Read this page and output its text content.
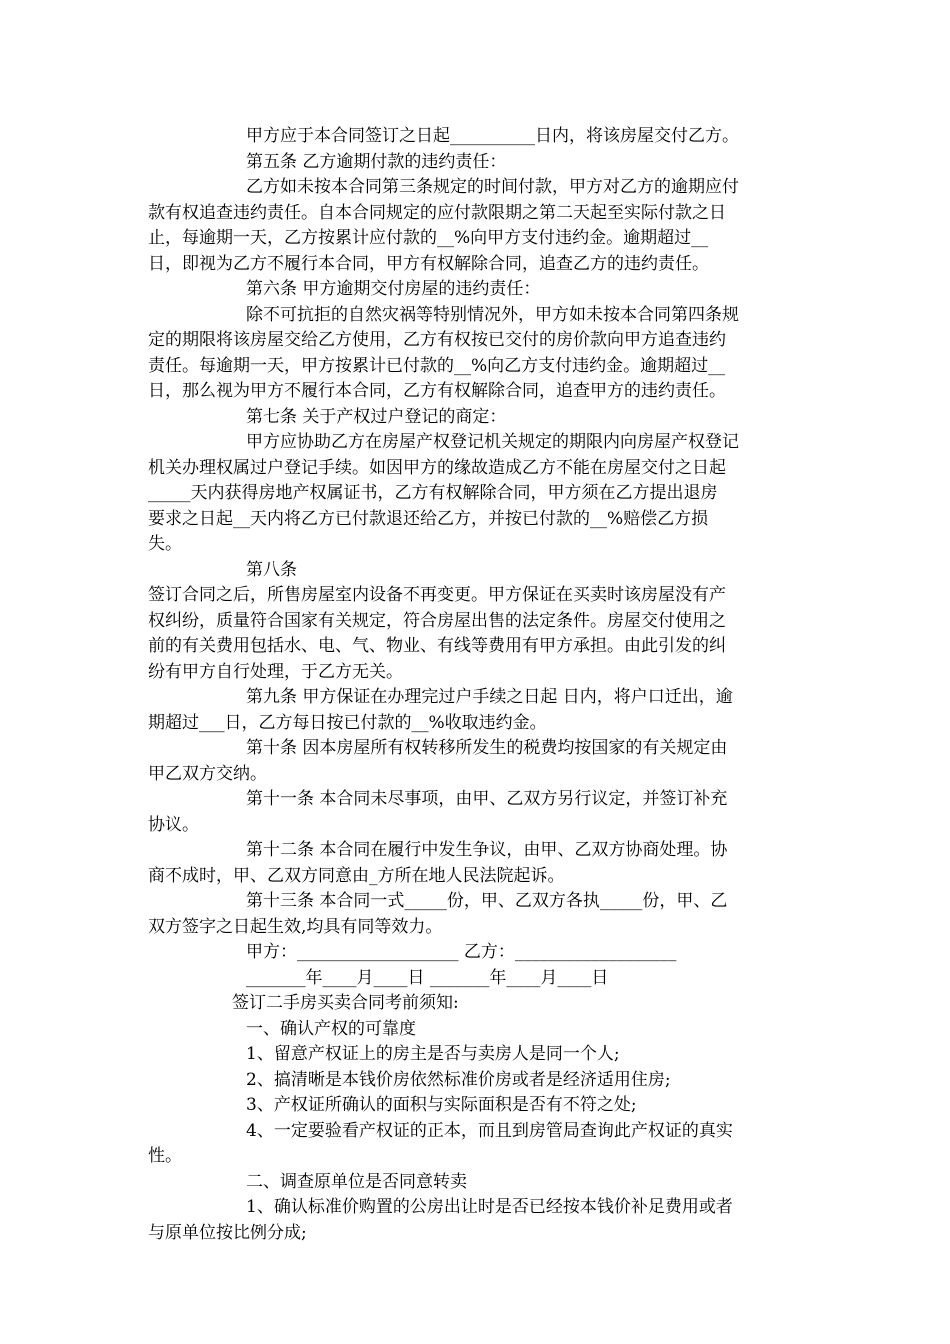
甲方应于本合同签订之日起__________日内，将该房屋交付乙方。
第五条 乙方逾期付款的违约责任：
乙方如未按本合同第三条规定的时间付款，甲方对乙方的逾期应付
款有权追查违约责任。自本合同规定的应付款限期之第二天起至实际付款之日
止，每逾期一天，乙方按累计应付款的__%向甲方支付违约金。逾期超过__
日，即视为乙方不履行本合同，甲方有权解除合同，追查乙方的违约责任。
第六条 甲方逾期交付房屋的违约责任：
除不可抗拒的自然灾祸等特别情况外，甲方如未按本合同第四条规
定的期限将该房屋交给乙方使用，乙方有权按已交付的房价款向甲方追查违约
责任。每逾期一天，甲方按累计已付款的__%向乙方支付违约金。逾期超过__
日，那么视为甲方不履行本合同，乙方有权解除合同，追查甲方的违约责任。
第七条 关于产权过户登记的商定：
甲方应协助乙方在房屋产权登记机关规定的期限内向房屋产权登记
机关办理权属过户登记手续。如因甲方的缘故造成乙方不能在房屋交付之日起
_____天内获得房地产权属证书，乙方有权解除合同，甲方须在乙方提出退房
要求之日起__天内将乙方已付款退还给乙方，并按已付款的__%赔偿乙方损
失。
第八条
签订合同之后，所售房屋室内设备不再变更。甲方保证在买卖时该房屋没有产
权纠纷，质量符合国家有关规定，符合房屋出售的法定条件。房屋交付使用之
前的有关费用包括水、电、气、物业、有线等费用有甲方承担。由此引发的纠
纷有甲方自行处理，于乙方无关。
第九条 甲方保证在办理完过户手续之日起 日内，将户口迁出，逾
期超过___日，乙方每日按已付款的__%收取违约金。
第十条 因本房屋所有权转移所发生的税费均按国家的有关规定由
甲乙双方交纳。
第十一条 本合同未尽事项，由甲、乙双方另行议定，并签订补充
协议。
第十二条 本合同在履行中发生争议，由甲、乙双方协商处理。协
商不成时，甲、乙双方同意由_方所在地人民法院起诉。
第十三条 本合同一式_____份，甲、乙双方各执_____份，甲、乙
双方签字之日起生效,均具有同等效力。
甲方：___________________ 乙方：___________________
_______年____月____日 _______年____月____日
签订二手房买卖合同考前须知:
一、确认产权的可靠度
1、留意产权证上的房主是否与卖房人是同一个人;
2、搞清晰是本钱价房依然标准价房或者是经济适用住房;
3、产权证所确认的面积与实际面积是否有不符之处;
4、一定要验看产权证的正本，而且到房管局查询此产权证的真实
性。
二、调查原单位是否同意转卖
1、确认标准价购置的公房出让时是否已经按本钱价补足费用或者
与原单位按比例分成;
